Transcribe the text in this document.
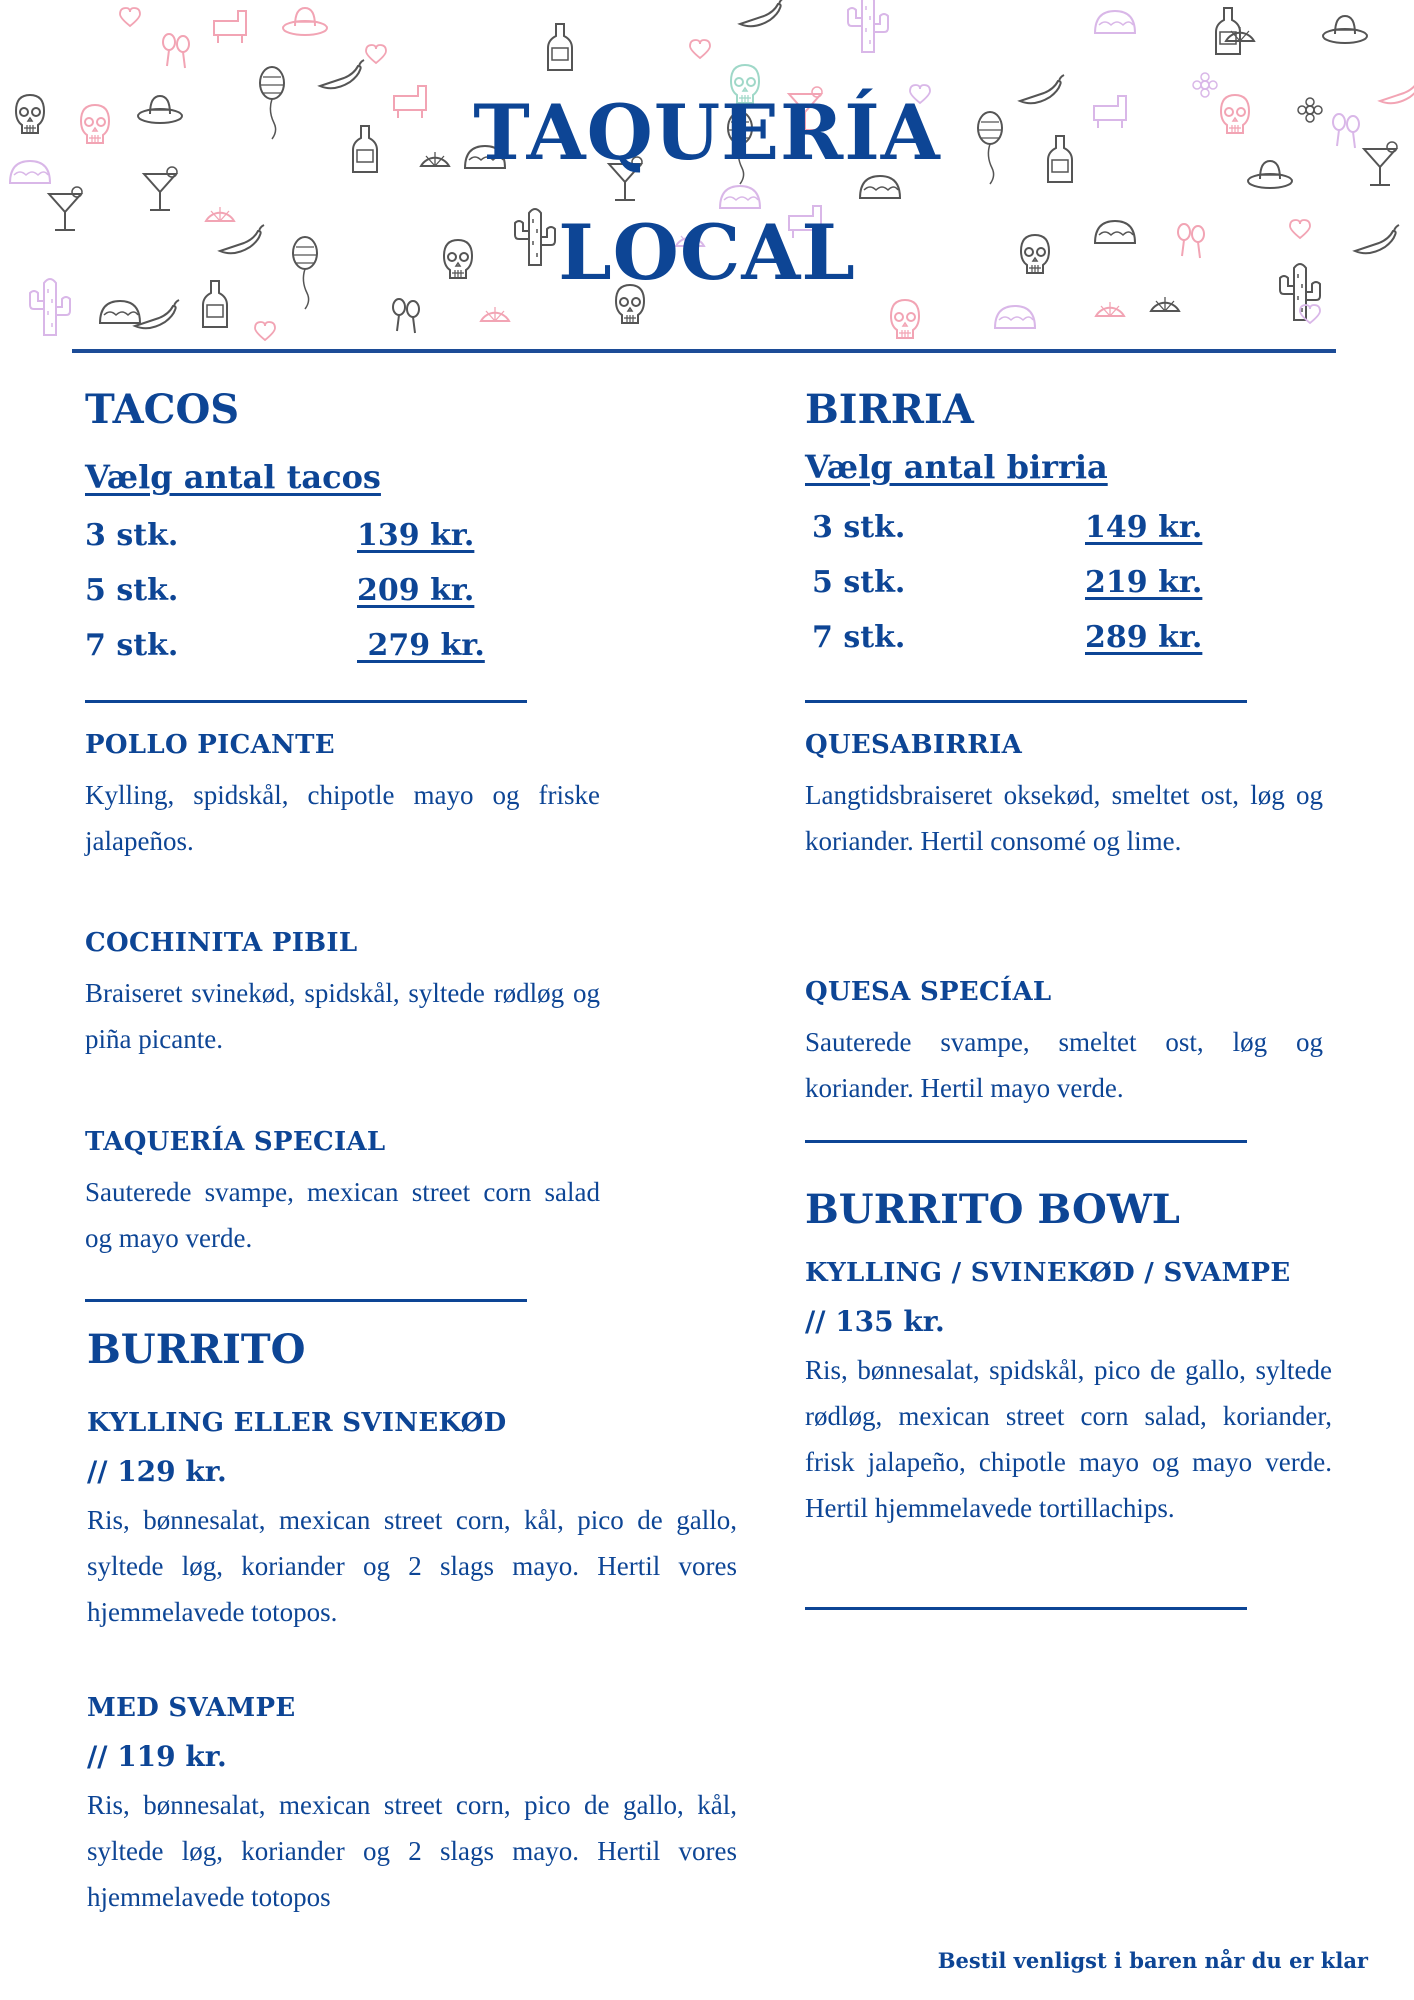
TAQUERÍA
LOCAL
TACOS
Vælg antal tacos
3 stk.	139 kr.
5 stk.	209 kr.
7 stk.	279 kr.
POLLO PICANTE
Kylling, spidskål, chipotle mayo og friske jalapeños.
COCHINITA PIBIL
Braiseret svinekød, spidskål, syltede rødløg og piña picante.
TAQUERÍA SPECIAL
Sauterede svampe, mexican street corn salad og mayo verde.
BURRITO
KYLLING ELLER SVINEKØD
// 129 kr.
Ris, bønnesalat, mexican street corn, kål, pico de gallo, syltede løg, koriander og 2 slags mayo. Hertil vores hjemmelavede totopos.
MED SVAMPE
// 119 kr.
Ris, bønnesalat, mexican street corn, pico de gallo, kål, syltede løg, koriander og 2 slags mayo. Hertil vores hjemmelavede totopos
BIRRIA
Vælg antal birria
3 stk.	149 kr.
5 stk.	219 kr.
7 stk.	289 kr.
QUESABIRRIA
Langtidsbraiseret oksekød, smeltet ost, løg og koriander. Hertil consomé og lime.
QUESA SPECÍAL
Sauterede svampe, smeltet ost, løg og koriander. Hertil mayo verde.
BURRITO BOWL
KYLLING / SVINEKØD / SVAMPE
// 135 kr.
Ris, bønnesalat, spidskål, pico de gallo, syltede rødløg, mexican street corn salad, koriander, frisk jalapeño, chipotle mayo og mayo verde. Hertil hjemmelavede tortillachips.
Bestil venligst i baren når du er klar
